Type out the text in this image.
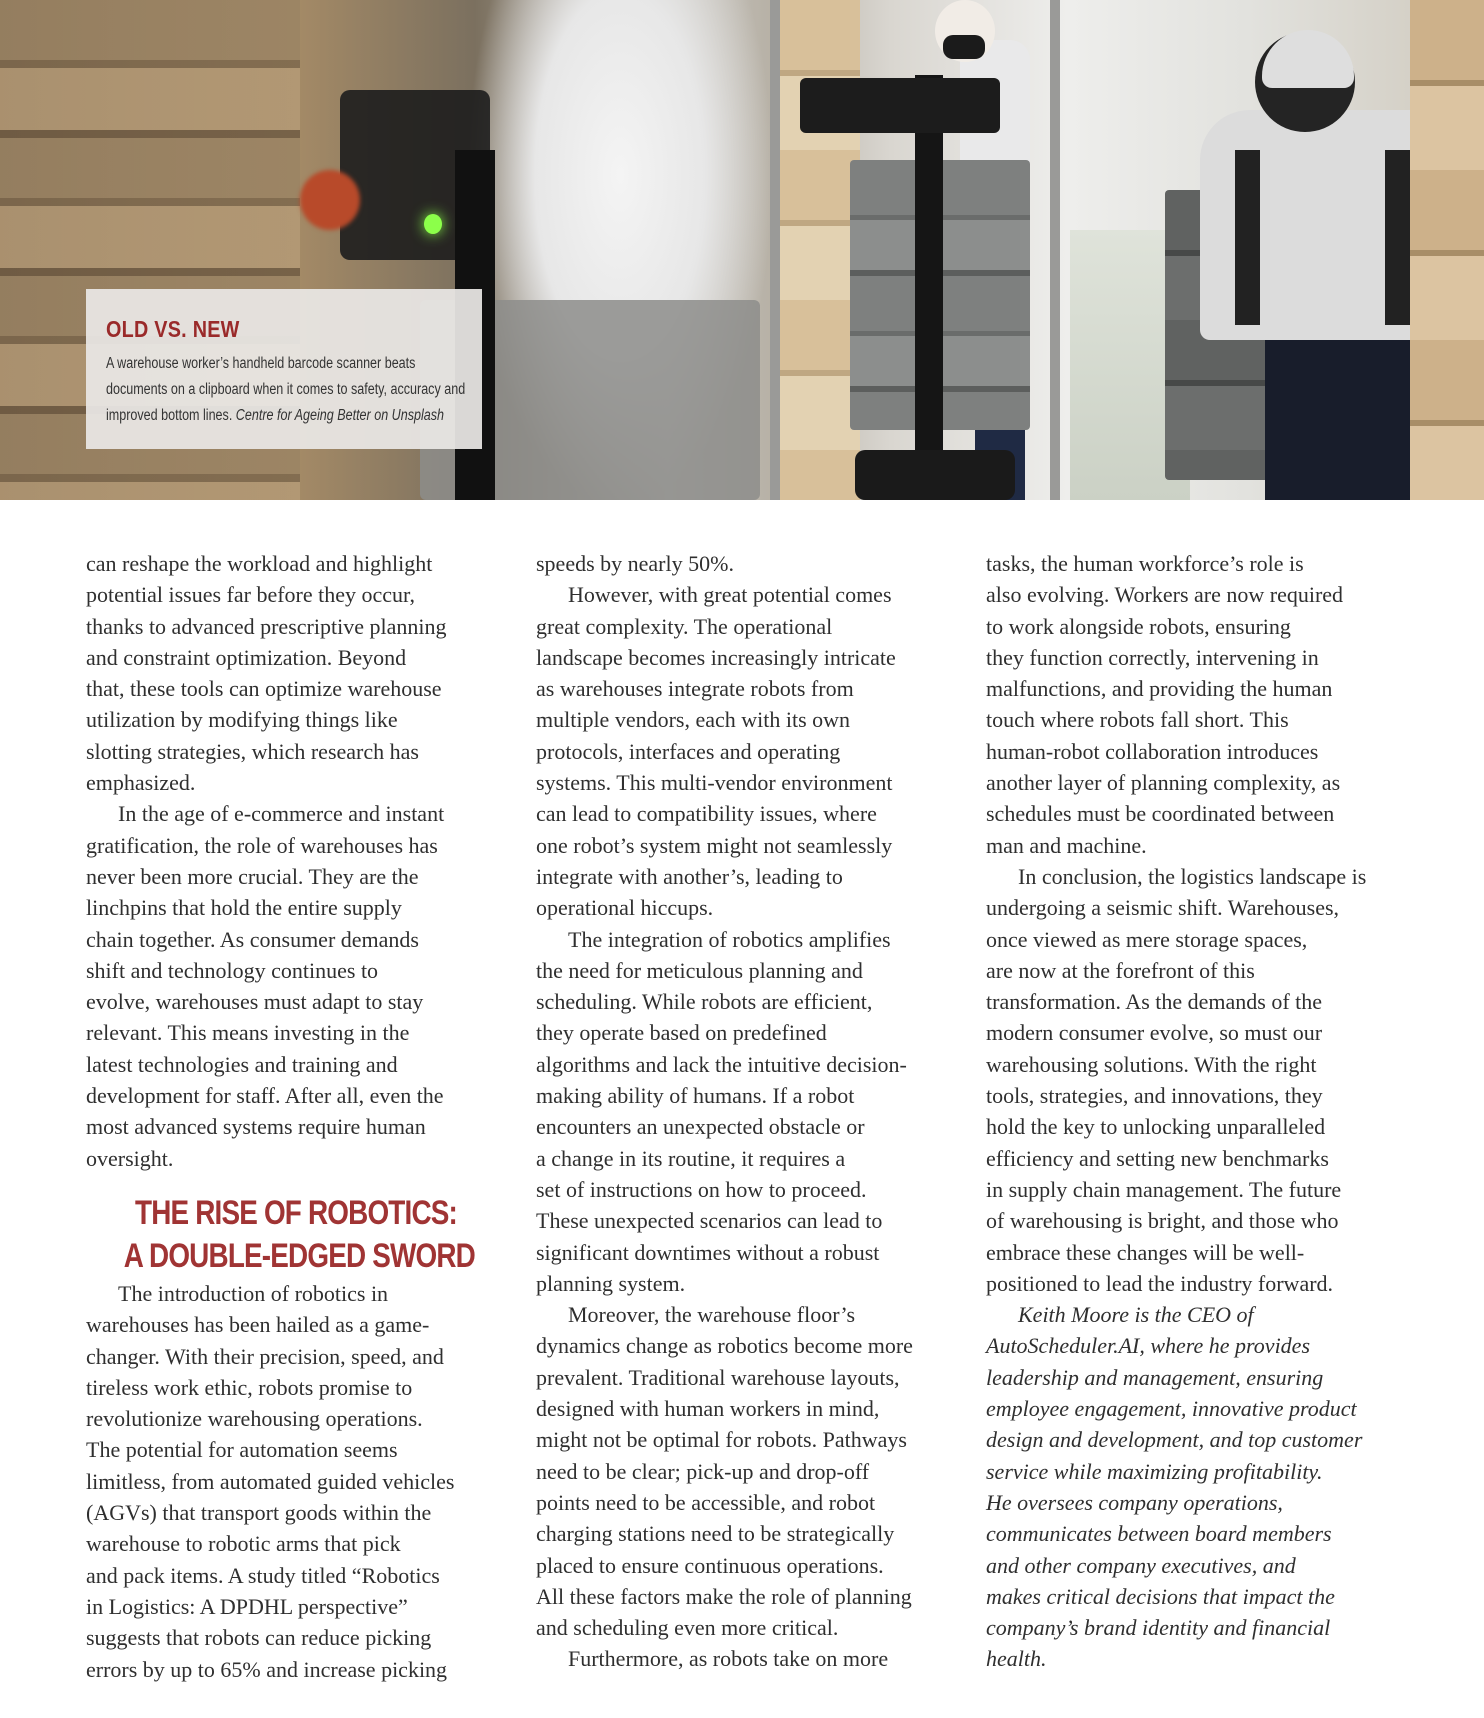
OLD VS. NEW
A warehouse worker’s handheld barcode scanner beats
documents on a clipboard when it comes to safety, accuracy and
improved bottom lines. Centre for Ageing Better on Unsplash
can reshape the workload and highlight
potential issues far before they occur,
thanks to advanced prescriptive planning
and constraint optimization. Beyond
that, these tools can optimize warehouse
utilization by modifying things like
slotting strategies, which research has
emphasized.
In the age of e-commerce and instant
gratification, the role of warehouses has
never been more crucial. They are the
linchpins that hold the entire supply
chain together. As consumer demands
shift and technology continues to
evolve, warehouses must adapt to stay
relevant. This means investing in the
latest technologies and training and
development for staff. After all, even the
most advanced systems require human
oversight.
THE RISE OF ROBOTICS:
A DOUBLE-EDGED SWORD
The introduction of robotics in
warehouses has been hailed as a game-
changer. With their precision, speed, and
tireless work ethic, robots promise to
revolutionize warehousing operations.
The potential for automation seems
limitless, from automated guided vehicles
(AGVs) that transport goods within the
warehouse to robotic arms that pick
and pack items. A study titled “Robotics
in Logistics: A DPDHL perspective”
suggests that robots can reduce picking
errors by up to 65% and increase picking
speeds by nearly 50%.
However, with great potential comes
great complexity. The operational
landscape becomes increasingly intricate
as warehouses integrate robots from
multiple vendors, each with its own
protocols, interfaces and operating
systems. This multi-vendor environment
can lead to compatibility issues, where
one robot’s system might not seamlessly
integrate with another’s, leading to
operational hiccups.
The integration of robotics amplifies
the need for meticulous planning and
scheduling. While robots are efficient,
they operate based on predefined
algorithms and lack the intuitive decision-
making ability of humans. If a robot
encounters an unexpected obstacle or
a change in its routine, it requires a
set of instructions on how to proceed.
These unexpected scenarios can lead to
significant downtimes without a robust
planning system.
Moreover, the warehouse floor’s
dynamics change as robotics become more
prevalent. Traditional warehouse layouts,
designed with human workers in mind,
might not be optimal for robots. Pathways
need to be clear; pick-up and drop-off
points need to be accessible, and robot
charging stations need to be strategically
placed to ensure continuous operations.
All these factors make the role of planning
and scheduling even more critical.
Furthermore, as robots take on more
tasks, the human workforce’s role is
also evolving. Workers are now required
to work alongside robots, ensuring
they function correctly, intervening in
malfunctions, and providing the human
touch where robots fall short. This
human-robot collaboration introduces
another layer of planning complexity, as
schedules must be coordinated between
man and machine.
In conclusion, the logistics landscape is
undergoing a seismic shift. Warehouses,
once viewed as mere storage spaces,
are now at the forefront of this
transformation. As the demands of the
modern consumer evolve, so must our
warehousing solutions. With the right
tools, strategies, and innovations, they
hold the key to unlocking unparalleled
efficiency and setting new benchmarks
in supply chain management. The future
of warehousing is bright, and those who
embrace these changes will be well-
positioned to lead the industry forward.
Keith Moore is the CEO of
AutoScheduler.AI, where he provides
leadership and management, ensuring
employee engagement, innovative product
design and development, and top customer
service while maximizing profitability.
He oversees company operations,
communicates between board members
and other company executives, and
makes critical decisions that impact the
company’s brand identity and financial
health.
